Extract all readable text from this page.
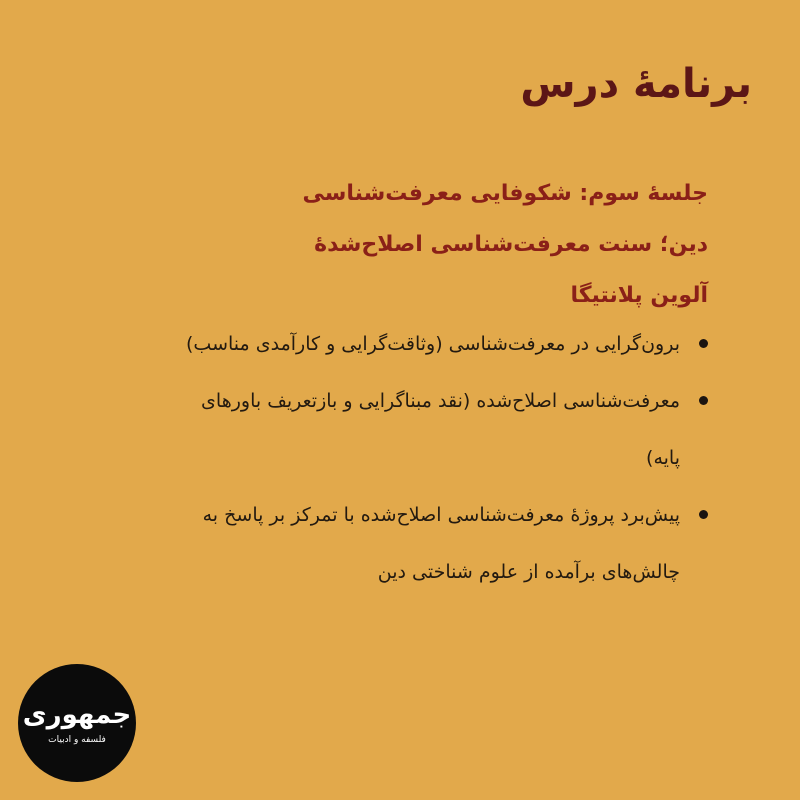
برنامهٔ درس
جلسهٔ سوم: شکوفایی معرفت‌شناسی دین؛ سنت معرفت‌شناسی اصلاح‌شدهٔ آلوین پلانتیگا
برون‌گرایی در معرفت‌شناسی (وثاقت‌گرایی و کارآمدی مناسب)
معرفت‌شناسی اصلاح‌شده (نقد مبناگرایی و بازتعریف باورهای پایه)
پیش‌برد پروژهٔ معرفت‌شناسی اصلاح‌شده با تمرکز بر پاسخ به چالش‌های برآمده از علوم شناختی دین
جمهوری
فلسفه و ادبیات
